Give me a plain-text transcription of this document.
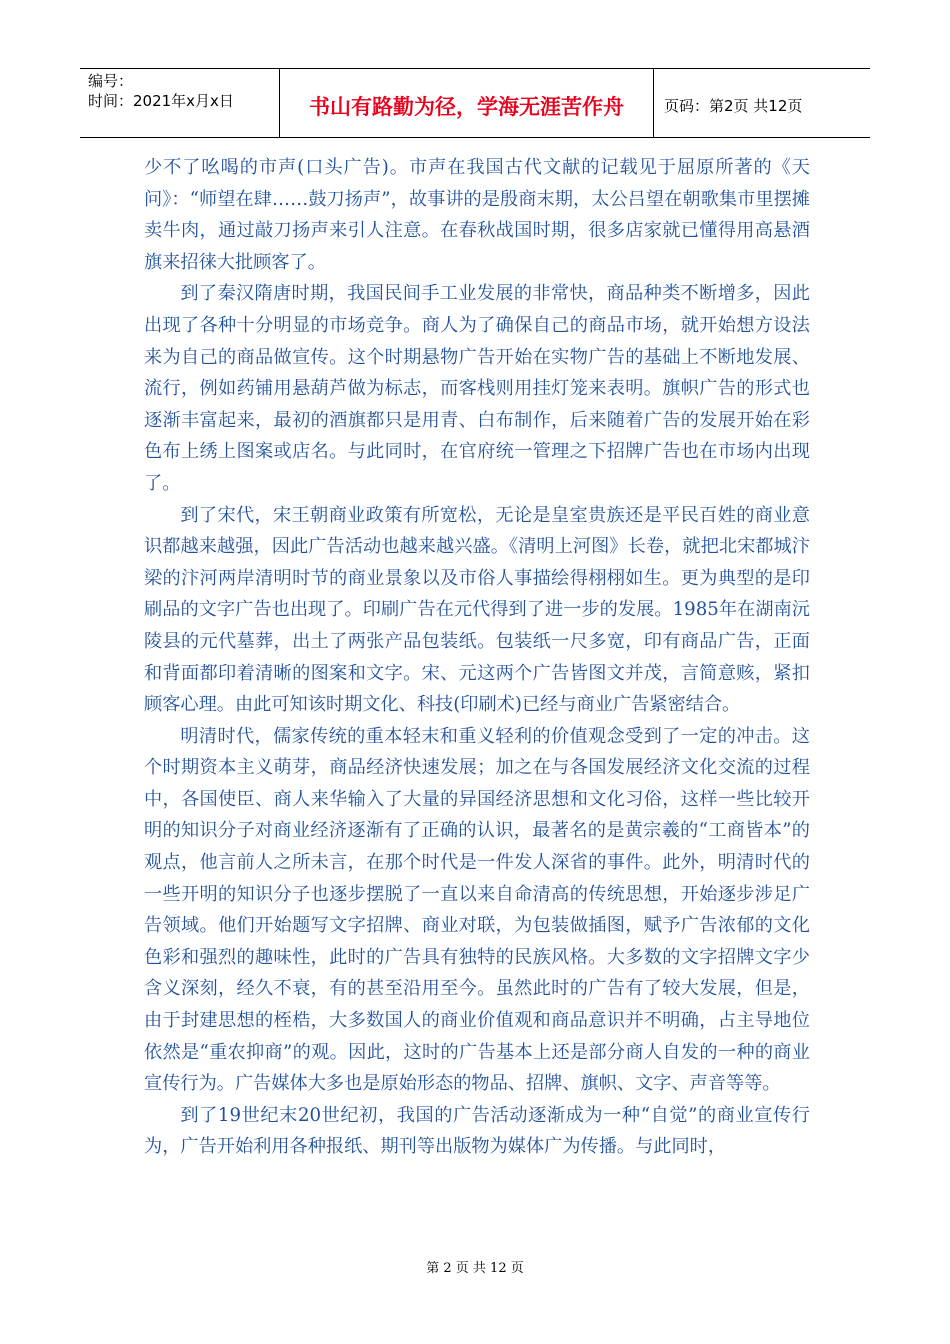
编号：
时间：2021年x月x日	书山有路勤为径，学海无涯苦作舟	页码：第2页 共12页

少不了吆喝的市声(口头广告)。市声在我国古代文献的记载见于屈原所著的《天问》：“师望在肆……鼓刀扬声”，故事讲的是殷商末期，太公吕望在朝歌集市里摆摊卖牛肉，通过敲刀扬声来引人注意。在春秋战国时期，很多店家就已懂得用高悬酒旗来招徕大批顾客了。

到了秦汉隋唐时期，我国民间手工业发展的非常快，商品种类不断增多，因此出现了各种十分明显的市场竞争。商人为了确保自己的商品市场，就开始想方设法来为自己的商品做宣传。这个时期悬物广告开始在实物广告的基础上不断地发展、流行，例如药铺用悬葫芦做为标志，而客栈则用挂灯笼来表明。旗帜广告的形式也逐渐丰富起来，最初的酒旗都只是用青、白布制作，后来随着广告的发展开始在彩色布上绣上图案或店名。与此同时，在官府统一管理之下招牌广告也在市场内出现了。

到了宋代，宋王朝商业政策有所宽松，无论是皇室贵族还是平民百姓的商业意识都越来越强，因此广告活动也越来越兴盛。《清明上河图》长卷，就把北宋都城汴梁的汴河两岸清明时节的商业景象以及市俗人事描绘得栩栩如生。更为典型的是印刷品的文字广告也出现了。印刷广告在元代得到了进一步的发展。1985年在湖南沅陵县的元代墓葬，出土了两张产品包装纸。包装纸一尺多宽，印有商品广告，正面和背面都印着清晰的图案和文字。宋、元这两个广告皆图文并茂，言简意赅，紧扣顾客心理。由此可知该时期文化、科技(印刷术)已经与商业广告紧密结合。

明清时代，儒家传统的重本轻末和重义轻利的价值观念受到了一定的冲击。这个时期资本主义萌芽，商品经济快速发展；加之在与各国发展经济文化交流的过程中，各国使臣、商人来华输入了大量的异国经济思想和文化习俗，这样一些比较开明的知识分子对商业经济逐渐有了正确的认识，最著名的是黄宗羲的“工商皆本”的观点，他言前人之所未言，在那个时代是一件发人深省的事件。此外，明清时代的一些开明的知识分子也逐步摆脱了一直以来自命清高的传统思想，开始逐步涉足广告领域。他们开始题写文字招牌、商业对联，为包装做插图，赋予广告浓郁的文化色彩和强烈的趣味性，此时的广告具有独特的民族风格。大多数的文字招牌文字少含义深刻，经久不衰，有的甚至沿用至今。虽然此时的广告有了较大发展，但是，由于封建思想的桎梏，大多数国人的商业价值观和商品意识并不明确，占主导地位依然是“重农抑商”的观。因此，这时的广告基本上还是部分商人自发的一种的商业宣传行为。广告媒体大多也是原始形态的物品、招牌、旗帜、文字、声音等等。

到了19世纪末20世纪初，我国的广告活动逐渐成为一种“自觉”的商业宣传行为，广告开始利用各种报纸、期刊等出版物为媒体广为传播。与此同时，

第 2 页 共 12 页
